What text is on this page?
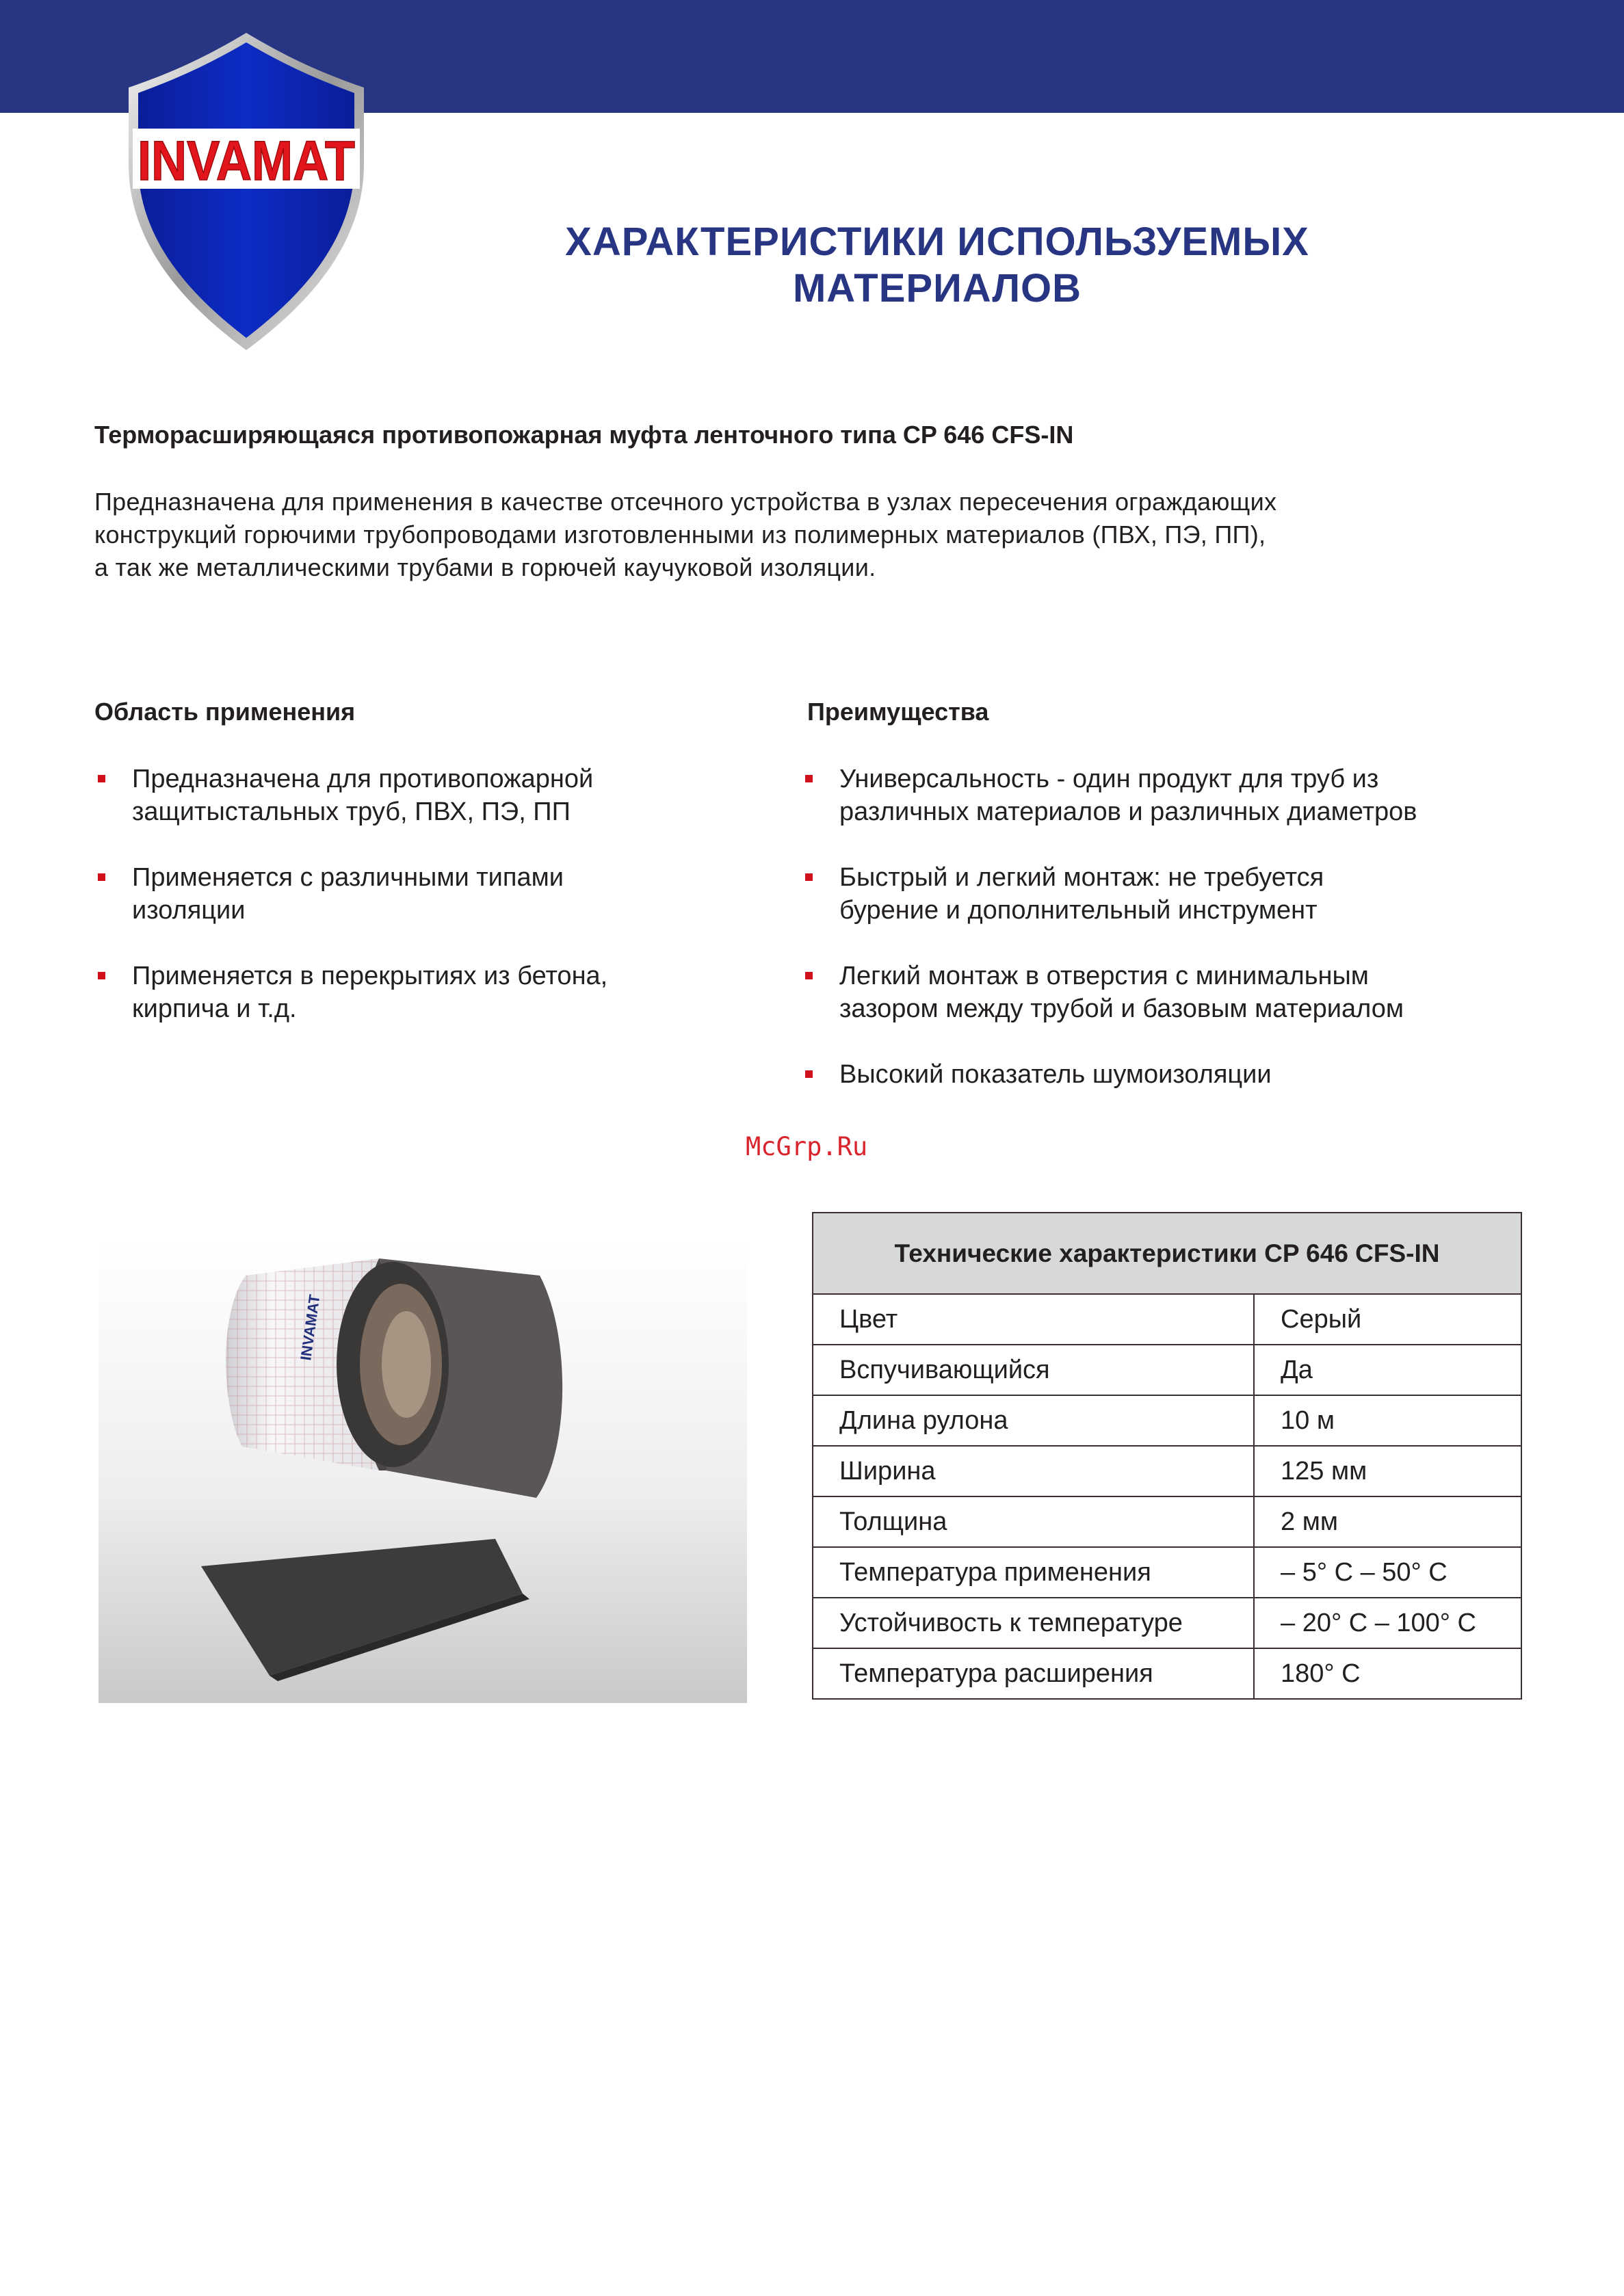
INVAMAT
ХАРАКТЕРИСТИКИ ИСПОЛЬЗУЕМЫХ
МАТЕРИАЛОВ
Терморасширяющаяся противопожарная муфта ленточного типа CP 646 CFS-IN
Предназначена для применения в качестве отсечного устройства в узлах пересечения ограждающих
конструкций горючими трубопроводами изготовленными из полимерных материалов (ПВХ, ПЭ, ПП),
а так же металлическими трубами в горючей каучуковой изоляции.
Область применения
Предназначена для противопожарной
защитыстальных труб, ПВХ, ПЭ, ПП
Применяется с различными типами
изоляции
Применяется в перекрытиях из бетона,
кирпича и т.д.
Преимущества
Универсальность - один продукт для труб из
различных материалов и различных диаметров
Быстрый и легкий монтаж: не требуется
бурение и дополнительный инструмент
Легкий монтаж в отверстия с минимальным
зазором между трубой и базовым материалом
Высокий показатель шумоизоляции
McGrp.Ru
INVAMAT
Технические характеристики CP 646 CFS-IN	
Цвет	Серый
Вспучивающийся	Да
Длина рулона	10 м
Ширина	125 мм
Толщина	2 мм
Температура применения	– 5° С – 50° С
Устойчивость к температуре	– 20° С – 100° С
Температура расширения	180° С
